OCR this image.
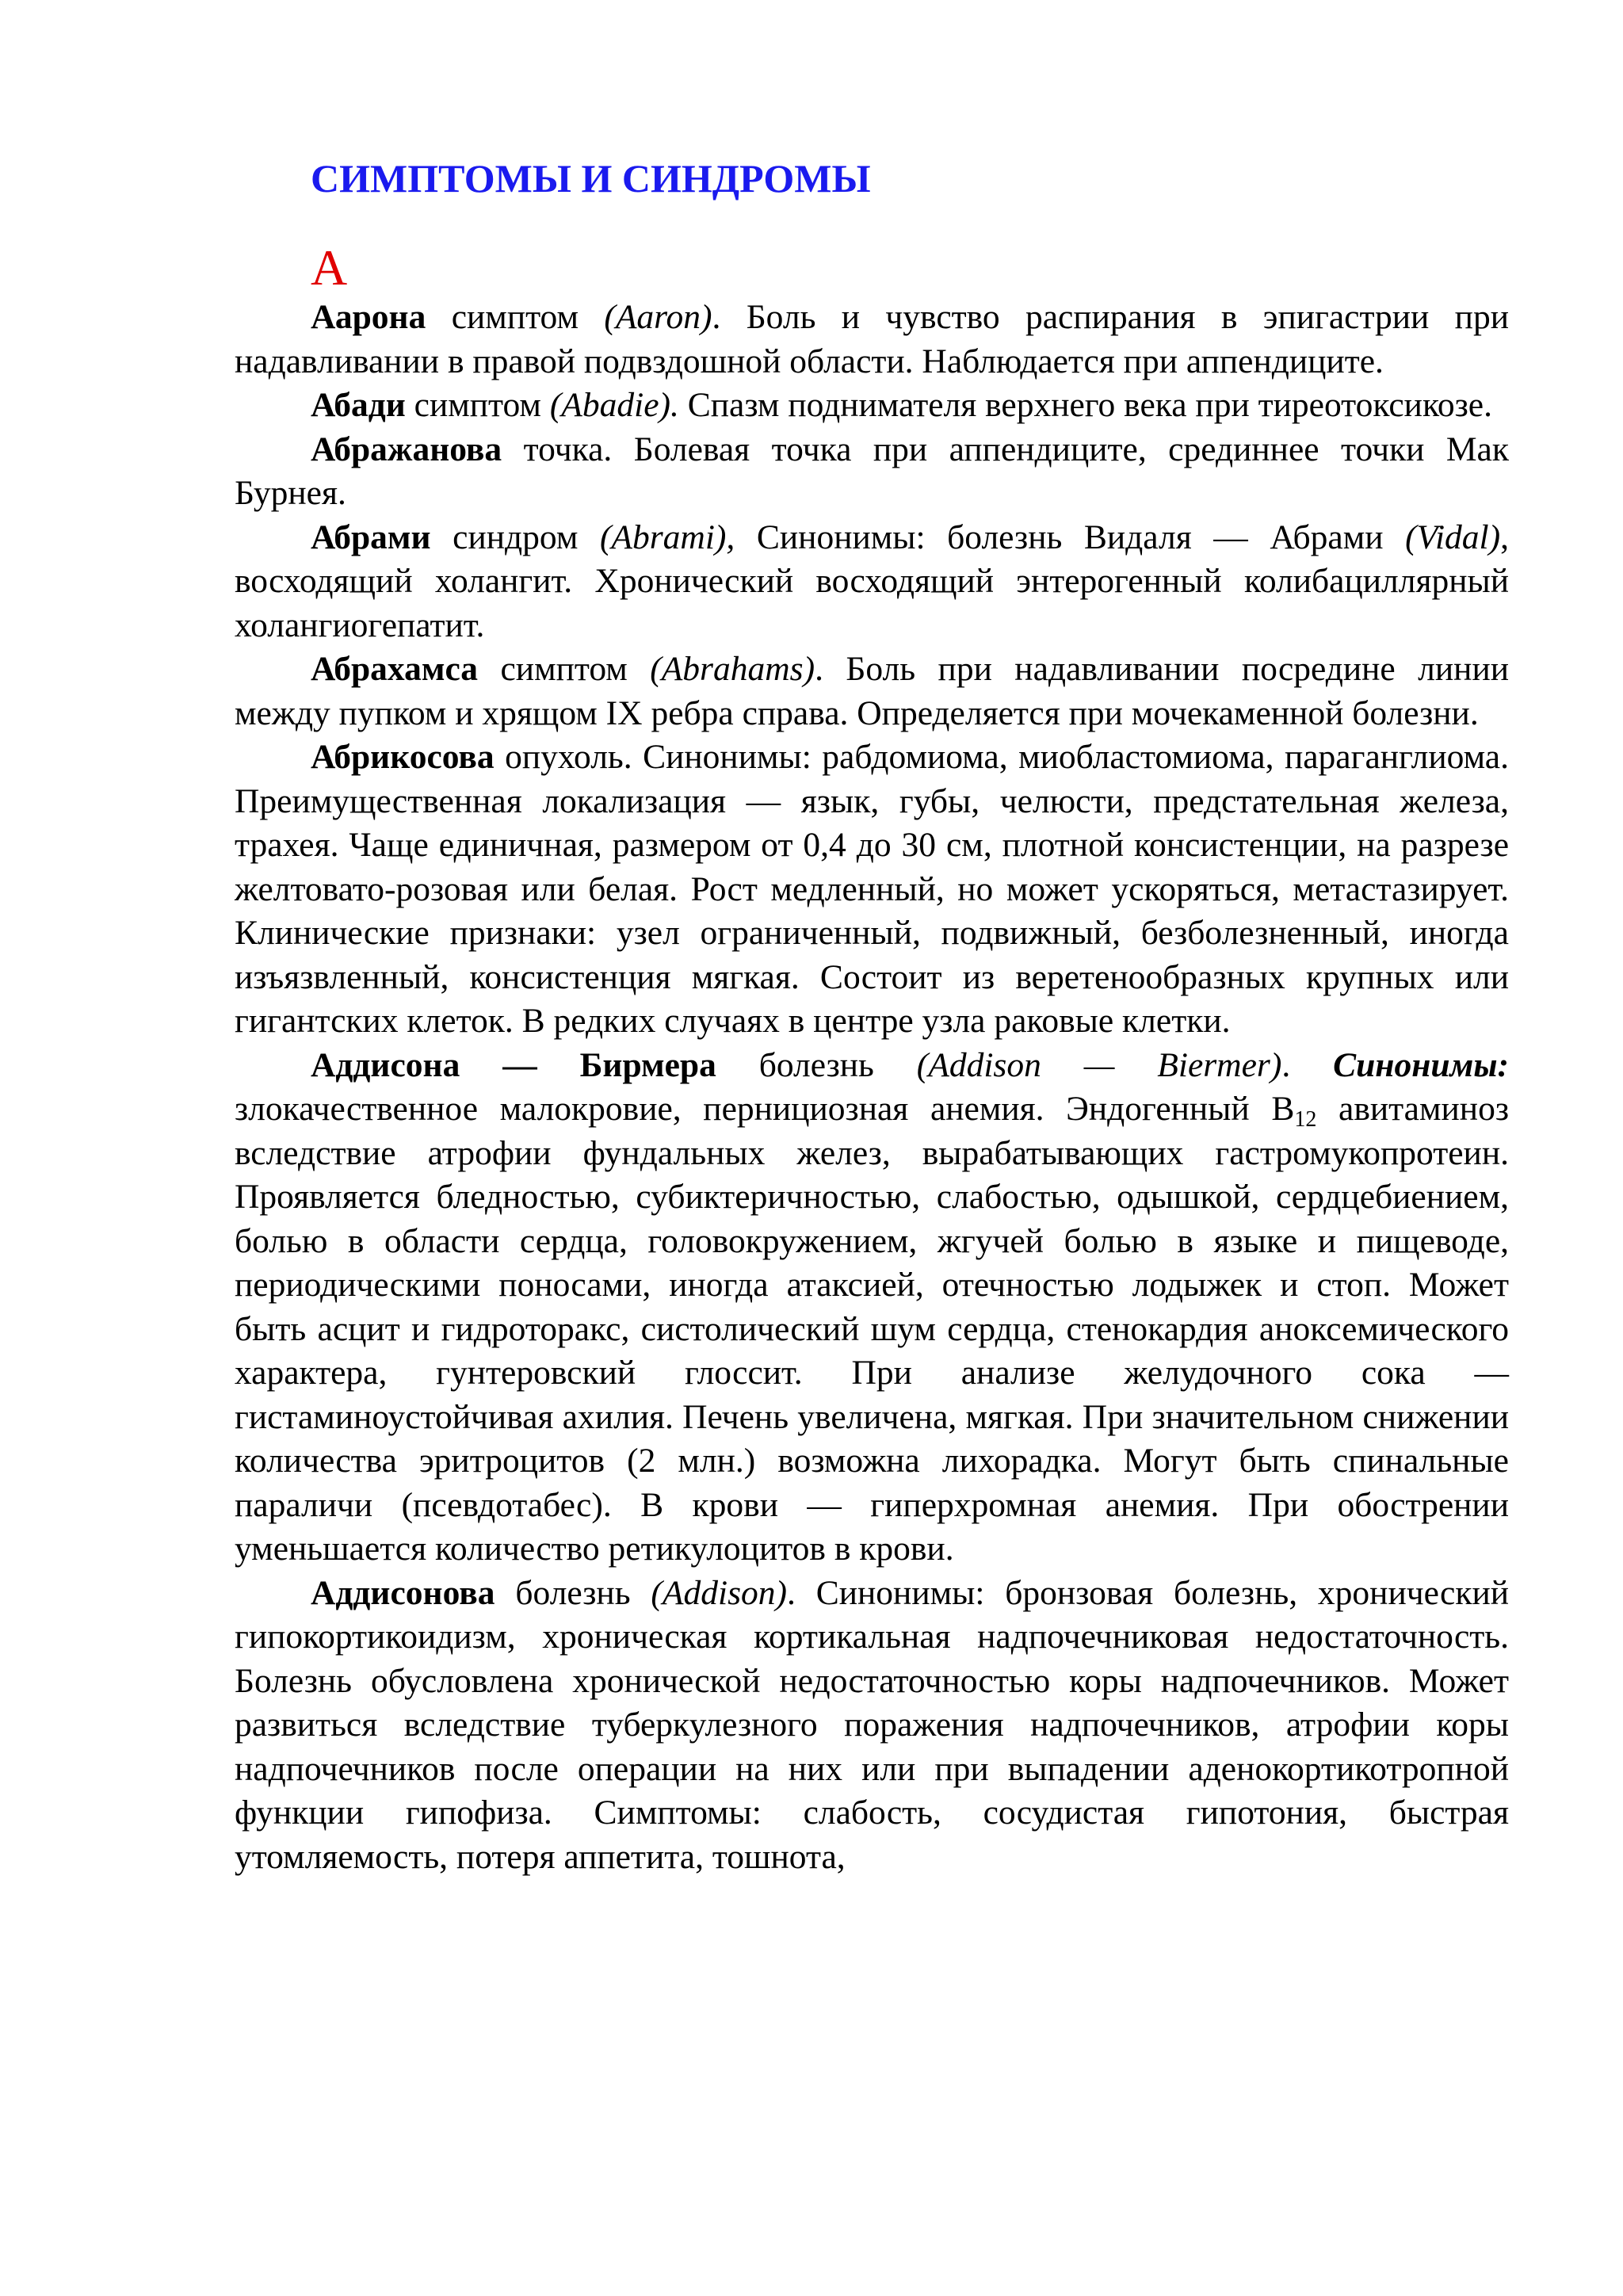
СИМПТОМЫ И СИНДРОМЫ
А

Аарона симптом (Aaron). Боль и чувство распирания в эпигастрии при надавливании в правой подвздошной области. Наблюдается при аппендиците.

Абади симптом (Abadie). Спазм поднимателя верхнего века при тиреотоксикозе.

Абражанова точка. Болевая точка при аппендиците, срединнее точки Мак Бурнея.

Абрами синдром (Abrami), Синонимы: болезнь Видаля — Абрами (Vidal), восходящий холангит. Хронический восходящий энтерогенный колибациллярный холангиогепатит.

Абрахамса симптом (Abrahams). Боль при надавливании посредине линии между пупком и хрящом IX ребра справа. Определяется при мочекаменной болезни.

Абрикосова опухоль. Синонимы: рабдомиома, миобластомиома, параганглиома. Преимущественная локализация — язык, губы, челюсти, предстательная железа, трахея. Чаще единичная, размером от 0,4 до 30 см, плотной консистенции, на разрезе желтовато-розовая или белая. Рост медленный, но может ускоряться, метастазирует. Клинические признаки: узел ограниченный, подвижный, безболезненный, иногда изъязвленный, консистенция мягкая. Состоит из веретенообразных крупных или гигантских клеток. В редких случаях в центре узла раковые клетки.

Аддисона — Бирмера болезнь (Addison — Biermer). Синонимы: злокачественное малокровие, пернициозная анемия. Эндогенный $B_{12}$ авитаминоз вследствие атрофии фундальных желез, вырабатывающих гастромукопротеин. Проявляется бледностью, субиктеричностью, слабостью, одышкой, сердцебиением, болью в области сердца, головокружением, жгучей болью в языке и пищеводе, периодическими поносами, иногда атаксией, отечностью лодыжек и стоп. Может быть асцит и гидроторакс, систолический шум сердца, стенокардия аноксемического характера, гунтеровский глоссит. При анализе желудочного сока — гистаминоустойчивая ахилия. Печень увеличена, мягкая. При значительном снижении количества эритроцитов (2 млн.) возможна лихорадка. Могут быть спинальные параличи (псевдотабес). В крови — гиперхромная анемия. При обострении уменьшается количество ретикулоцитов в крови.

Аддисонова болезнь (Addison). Синонимы: бронзовая болезнь, хронический гипокортикоидизм, хроническая кортикальная надпочечниковая недостаточность. Болезнь обусловлена хронической недостаточностью коры надпочечников. Может развиться вследствие туберкулезного поражения надпочечников, атрофии коры надпочечников после операции на них или при выпадении аденокортикотропной функции гипофиза. Симптомы: слабость, сосудистая гипотония, быстрая утомляемость, потеря аппетита, тошнота,
